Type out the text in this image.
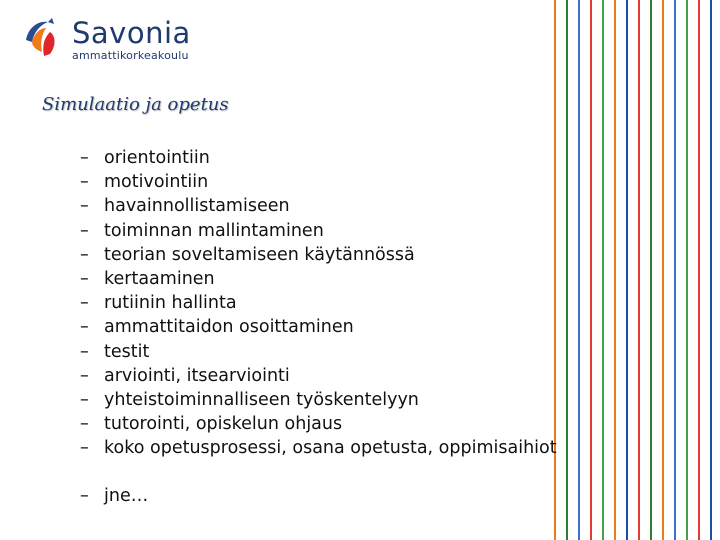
Savonia
ammattikorkeakoulu
Simulaatio ja opetus
– orientointiin
– motivointiin
– havainnollistamiseen
– toiminnan mallintaminen
– teorian soveltamiseen käytännössä
– kertaaminen
– rutiinin hallinta
– ammattitaidon osoittaminen
– testit
– arviointi, itsearviointi
– yhteistoiminnalliseen työskentelyyn
– tutorointi, opiskelun ohjaus
– koko opetusprosessi, osana opetusta, oppimisaihiot
– jne…
